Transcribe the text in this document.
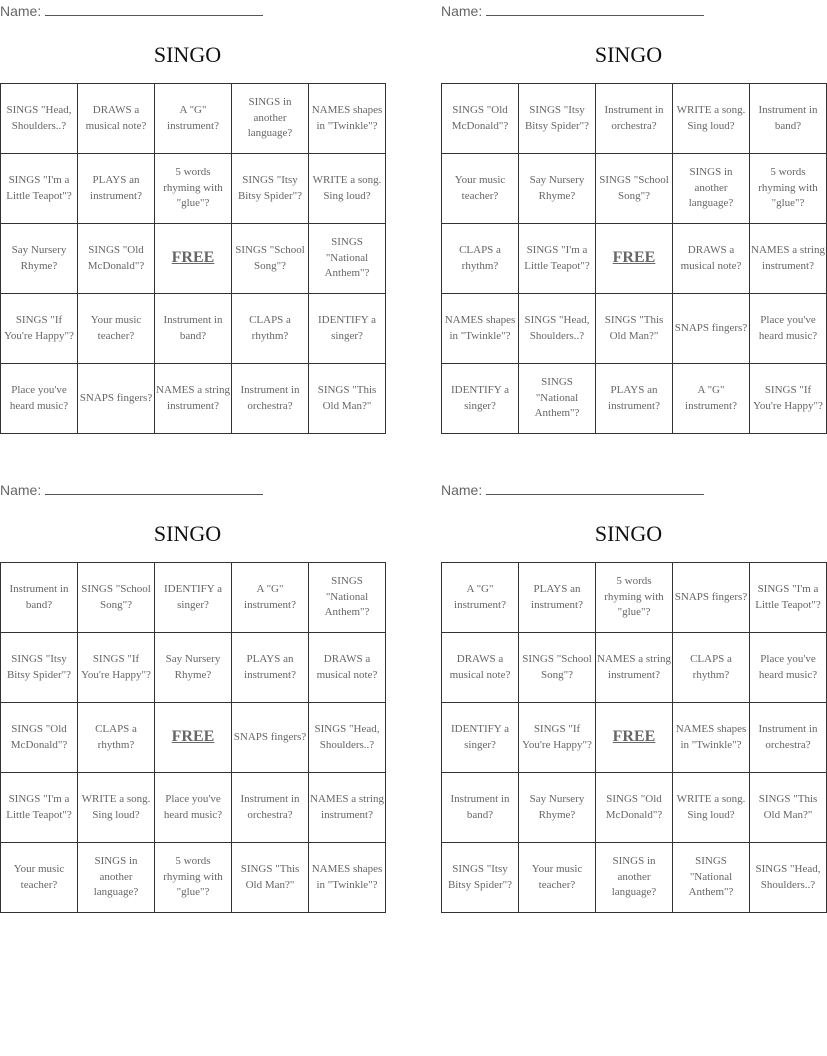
Name:
SINGO
SINGS "Head, Shoulders..?	DRAWS a musical note?	A "G" instrument?	SINGS in another language?	NAMES shapes in "Twinkle"?
SINGS "I'm a Little Teapot"?	PLAYS an instrument?	5 words rhyming with "glue"?	SINGS "Itsy Bitsy Spider"?	WRITE a song. Sing loud?
Say Nursery Rhyme?	SINGS "Old McDonald"?	FREE	SINGS "School Song"?	SINGS "National Anthem"?
SINGS "If You're Happy"?	Your music teacher?	Instrument in band?	CLAPS a rhythm?	IDENTIFY a singer?
Place you've heard music?	SNAPS fingers?	NAMES a string instrument?	Instrument in orchestra?	SINGS "This Old Man?"
Name:
SINGO
SINGS "Old McDonald"?	SINGS "Itsy Bitsy Spider"?	Instrument in orchestra?	WRITE a song. Sing loud?	Instrument in band?
Your music teacher?	Say Nursery Rhyme?	SINGS "School Song"?	SINGS in another language?	5 words rhyming with "glue"?
CLAPS a rhythm?	SINGS "I'm a Little Teapot"?	FREE	DRAWS a musical note?	NAMES a string instrument?
NAMES shapes in "Twinkle"?	SINGS "Head, Shoulders..?	SINGS "This Old Man?"	SNAPS fingers?	Place you've heard music?
IDENTIFY a singer?	SINGS "National Anthem"?	PLAYS an instrument?	A "G" instrument?	SINGS "If You're Happy"?
Name:
SINGO
Instrument in band?	SINGS "School Song"?	IDENTIFY a singer?	A "G" instrument?	SINGS "National Anthem"?
SINGS "Itsy Bitsy Spider"?	SINGS "If You're Happy"?	Say Nursery Rhyme?	PLAYS an instrument?	DRAWS a musical note?
SINGS "Old McDonald"?	CLAPS a rhythm?	FREE	SNAPS fingers?	SINGS "Head, Shoulders..?
SINGS "I'm a Little Teapot"?	WRITE a song. Sing loud?	Place you've heard music?	Instrument in orchestra?	NAMES a string instrument?
Your music teacher?	SINGS in another language?	5 words rhyming with "glue"?	SINGS "This Old Man?"	NAMES shapes in "Twinkle"?
Name:
SINGO
A "G" instrument?	PLAYS an instrument?	5 words rhyming with "glue"?	SNAPS fingers?	SINGS "I'm a Little Teapot"?
DRAWS a musical note?	SINGS "School Song"?	NAMES a string instrument?	CLAPS a rhythm?	Place you've heard music?
IDENTIFY a singer?	SINGS "If You're Happy"?	FREE	NAMES shapes in "Twinkle"?	Instrument in orchestra?
Instrument in band?	Say Nursery Rhyme?	SINGS "Old McDonald"?	WRITE a song. Sing loud?	SINGS "This Old Man?"
SINGS "Itsy Bitsy Spider"?	Your music teacher?	SINGS in another language?	SINGS "National Anthem"?	SINGS "Head, Shoulders..?
